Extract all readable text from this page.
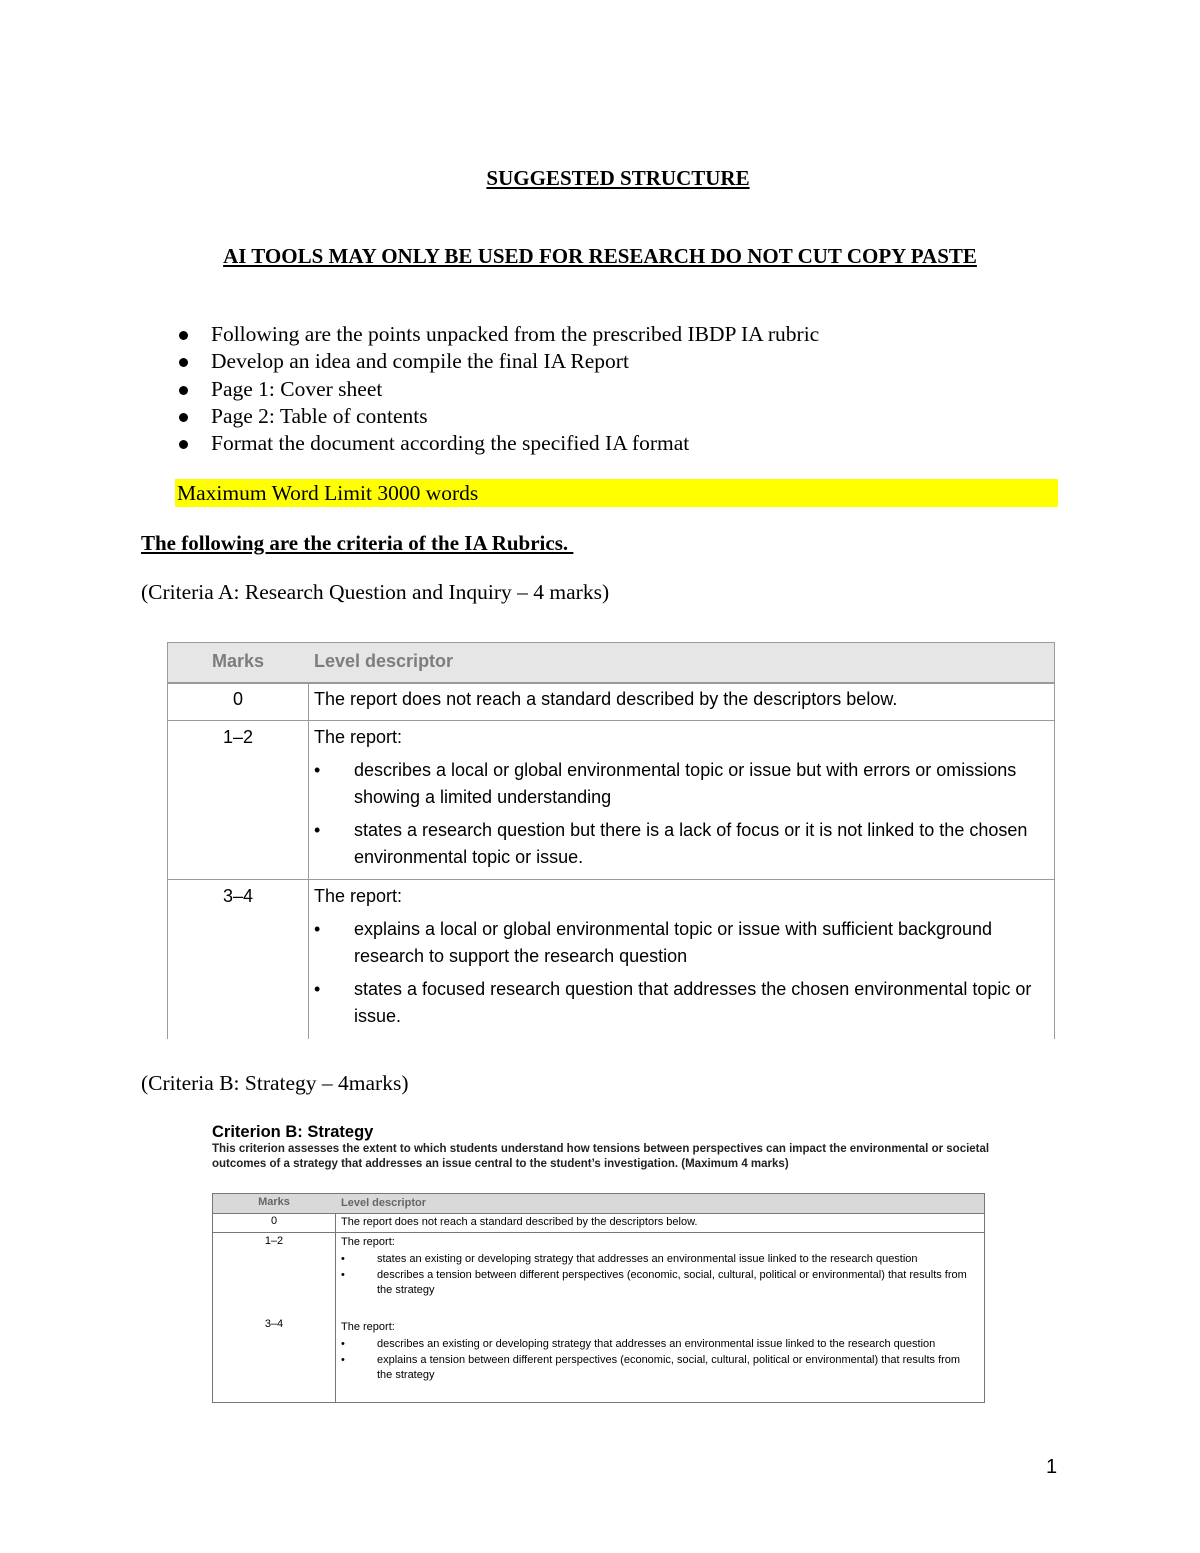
SUGGESTED STRUCTURE
AI TOOLS MAY ONLY BE USED FOR RESEARCH DO NOT CUT COPY PASTE
Following are the points unpacked from the prescribed IBDP IA rubric
Develop an idea and compile the final IA Report
Page 1: Cover sheet
Page 2: Table of contents
Format the document according the specified IA format
Maximum Word Limit 3000 words
The following are the criteria of the IA Rubrics.
(Criteria A: Research Question and Inquiry – 4 marks)
Marks	Level descriptor
0	The report does not reach a standard described by the descriptors below.
1–2	The report:
• describes a local or global environmental topic or issue but with errors or omissions showing a limited understanding
• states a research question but there is a lack of focus or it is not linked to the chosen environmental topic or issue.
3–4	The report:
• explains a local or global environmental topic or issue with sufficient background research to support the research question
• states a focused research question that addresses the chosen environmental topic or issue.
(Criteria B: Strategy – 4marks)
Criterion B: Strategy
This criterion assesses the extent to which students understand how tensions between perspectives can impact the environmental or societal outcomes of a strategy that addresses an issue central to the student’s investigation. (Maximum 4 marks)
Marks	Level descriptor
0	The report does not reach a standard described by the descriptors below.
1–2	The report:
•	states an existing or developing strategy that addresses an environmental issue linked to the research question
•	describes a tension between different perspectives (economic, social, cultural, political or environmental) that results from the strategy
3–4	The report:
•	describes an existing or developing strategy that addresses an environmental issue linked to the research question
•	explains a tension between different perspectives (economic, social, cultural, political or environmental) that results from the strategy
1
